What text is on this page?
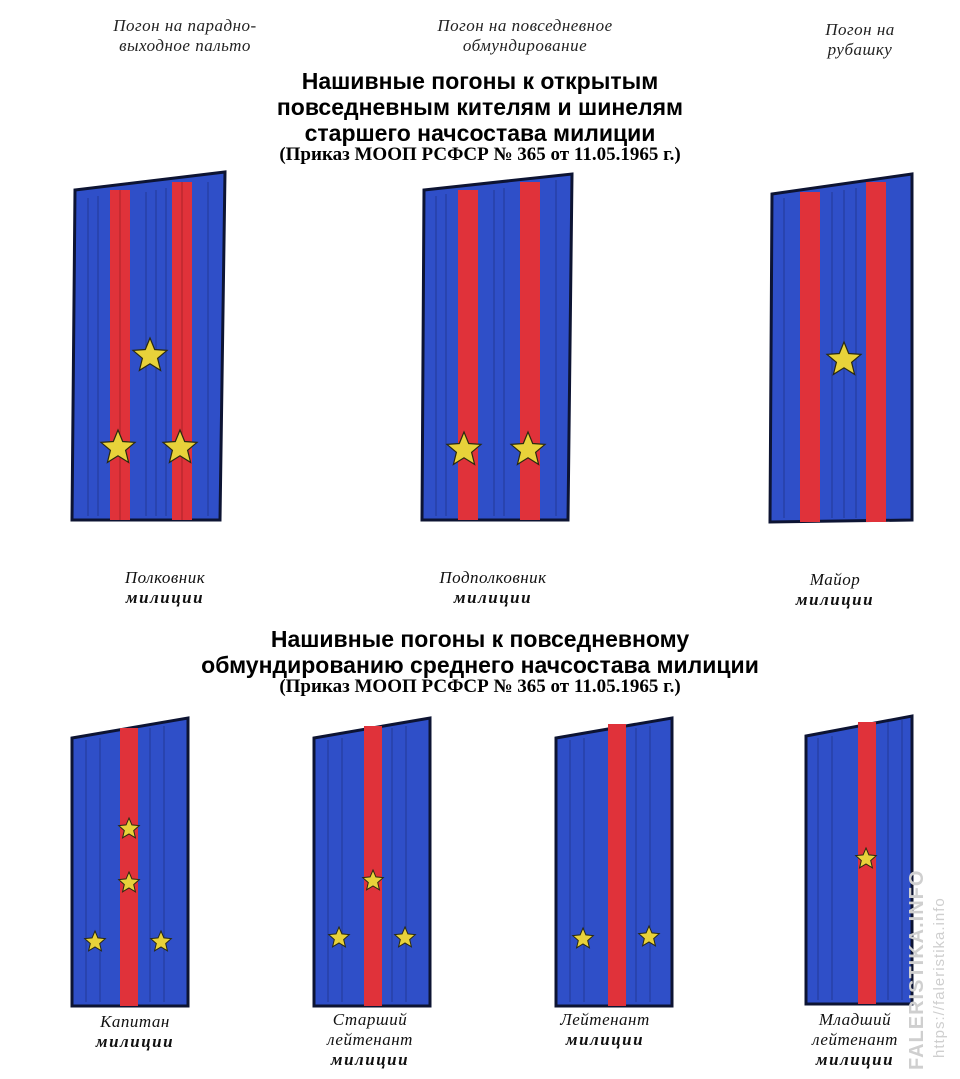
Погон на парадно-
выходное пальто
Погон на повседневное
обмундирование
Погон на
рубашку
Нашивные погоны к открытым
повседневным кителям и шинелям
старшего начсостава милиции
(Приказ МООП РСФСР № 365 от 11.05.1965 г.)
Полковник
милиции
Подполковник
милиции
Майор
милиции
Нашивные погоны к повседневному
обмундированию среднего начсостава милиции
(Приказ МООП РСФСР № 365 от 11.05.1965 г.)
Капитан
милиции
Старший
лейтенант
милиции
Лейтенант
милиции
Младший
лейтенант
милиции FALERISTIKA.INFO https://faleristika.info
